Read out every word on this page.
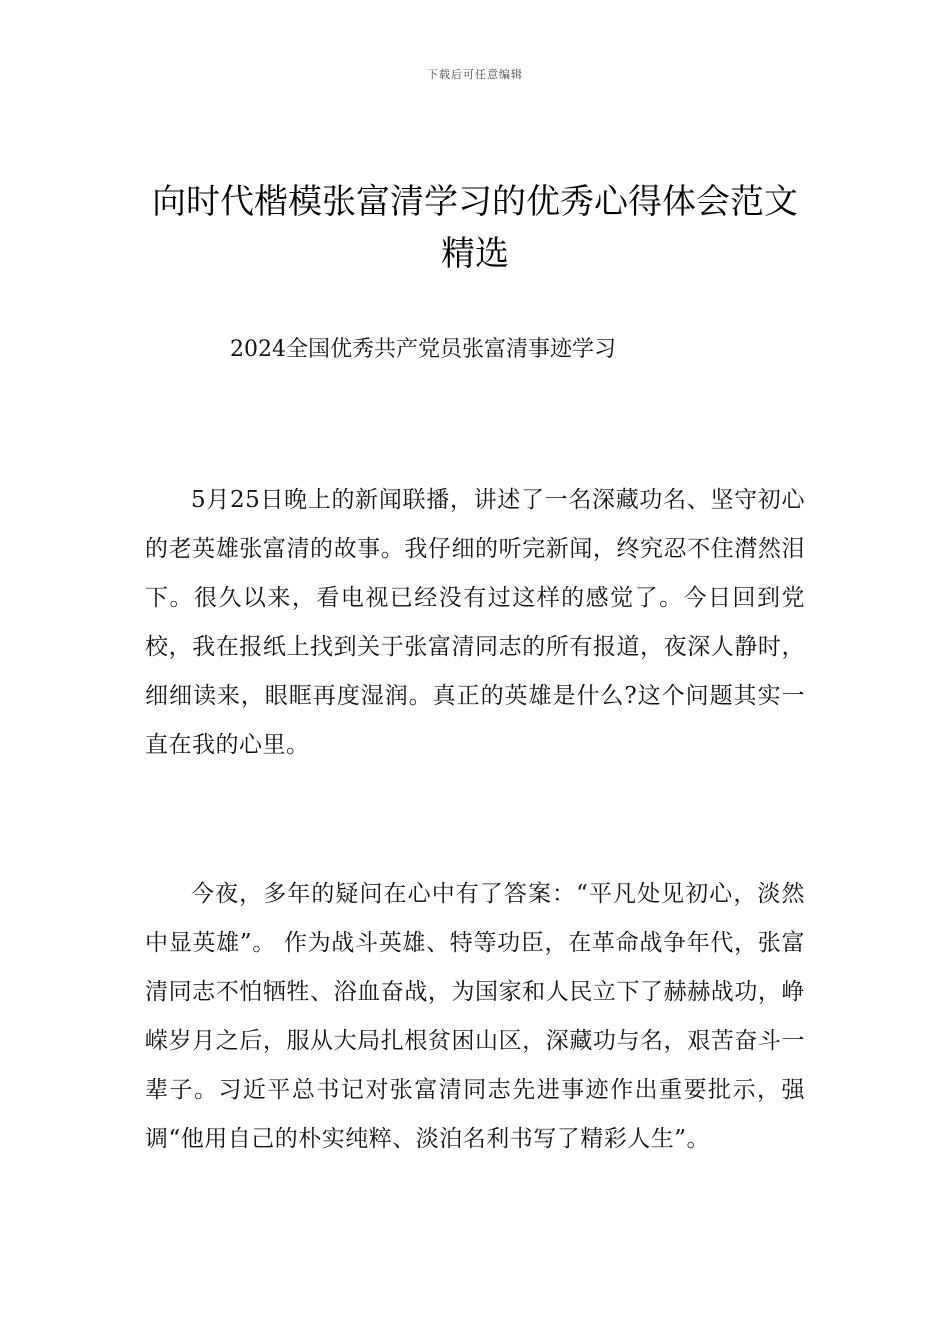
下载后可任意编辑
向时代楷模张富清学习的优秀心得体会范文精选
2024全国优秀共产党员张富清事迹学习

5月25日晚上的新闻联播，讲述了一名深藏功名、坚守初心的老英雄张富清的故事。我仔细的听完新闻，终究忍不住潸然泪下。很久以来，看电视已经没有过这样的感觉了。今日回到党校，我在报纸上找到关于张富清同志的所有报道，夜深人静时，细细读来，眼眶再度湿润。真正的英雄是什么?这个问题其实一直在我的心里。

今夜，多年的疑问在心中有了答案：“平凡处见初心，淡然中显英雄”。 作为战斗英雄、特等功臣，在革命战争年代，张富清同志不怕牺牲、浴血奋战，为国家和人民立下了赫赫战功，峥嵘岁月之后，服从大局扎根贫困山区，深藏功与名，艰苦奋斗一辈子。习近平总书记对张富清同志先进事迹作出重要批示，强调“他用自己的朴实纯粹、淡泊名利书写了精彩人生”。
